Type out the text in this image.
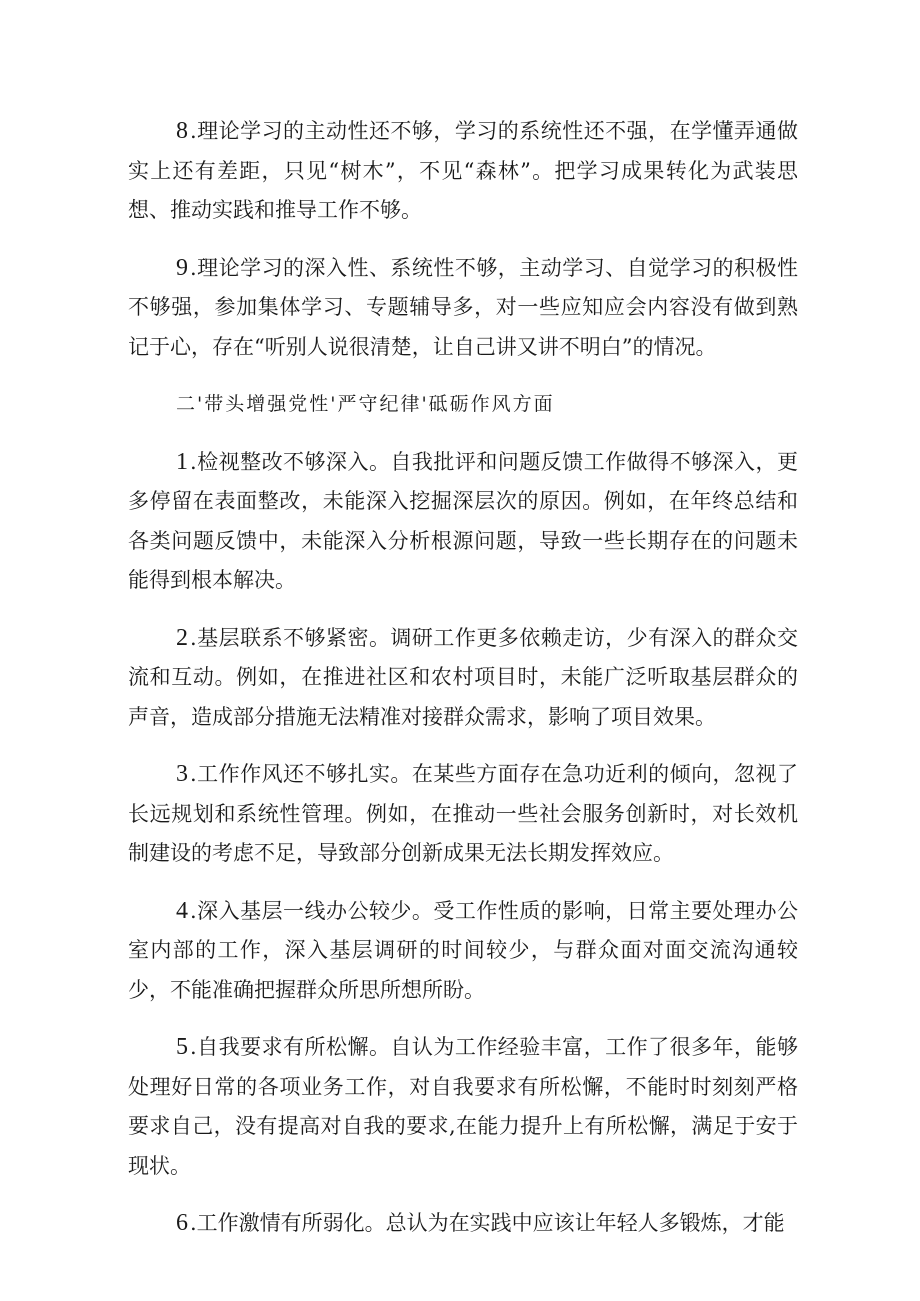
8.理论学习的主动性还不够，学习的系统性还不强，在学懂弄通做实上还有差距，只见“树木”，不见“森林”。把学习成果转化为武装思想、推动实践和推导工作不够。

9.理论学习的深入性、系统性不够，主动学习、自觉学习的积极性不够强，参加集体学习、专题辅导多，对一些应知应会内容没有做到熟记于心，存在“听别人说很清楚，让自己讲又讲不明白”的情况。

二'带头增强党性'严守纪律'砥砺作风方面

1.检视整改不够深入。自我批评和问题反馈工作做得不够深入，更多停留在表面整改，未能深入挖掘深层次的原因。例如，在年终总结和各类问题反馈中，未能深入分析根源问题，导致一些长期存在的问题未能得到根本解决。

2.基层联系不够紧密。调研工作更多依赖走访，少有深入的群众交流和互动。例如，在推进社区和农村项目时，未能广泛听取基层群众的声音，造成部分措施无法精准对接群众需求，影响了项目效果。

3.工作作风还不够扎实。在某些方面存在急功近利的倾向，忽视了长远规划和系统性管理。例如，在推动一些社会服务创新时，对长效机制建设的考虑不足，导致部分创新成果无法长期发挥效应。

4.深入基层一线办公较少。受工作性质的影响，日常主要处理办公室内部的工作，深入基层调研的时间较少，与群众面对面交流沟通较少，不能准确把握群众所思所想所盼。

5.自我要求有所松懈。自认为工作经验丰富，工作了很多年，能够处理好日常的各项业务工作，对自我要求有所松懈，不能时时刻刻严格要求自己，没有提高对自我的要求,在能力提升上有所松懈，满足于安于现状。

6.工作激情有所弱化。总认为在实践中应该让年轻人多锻炼，才能
